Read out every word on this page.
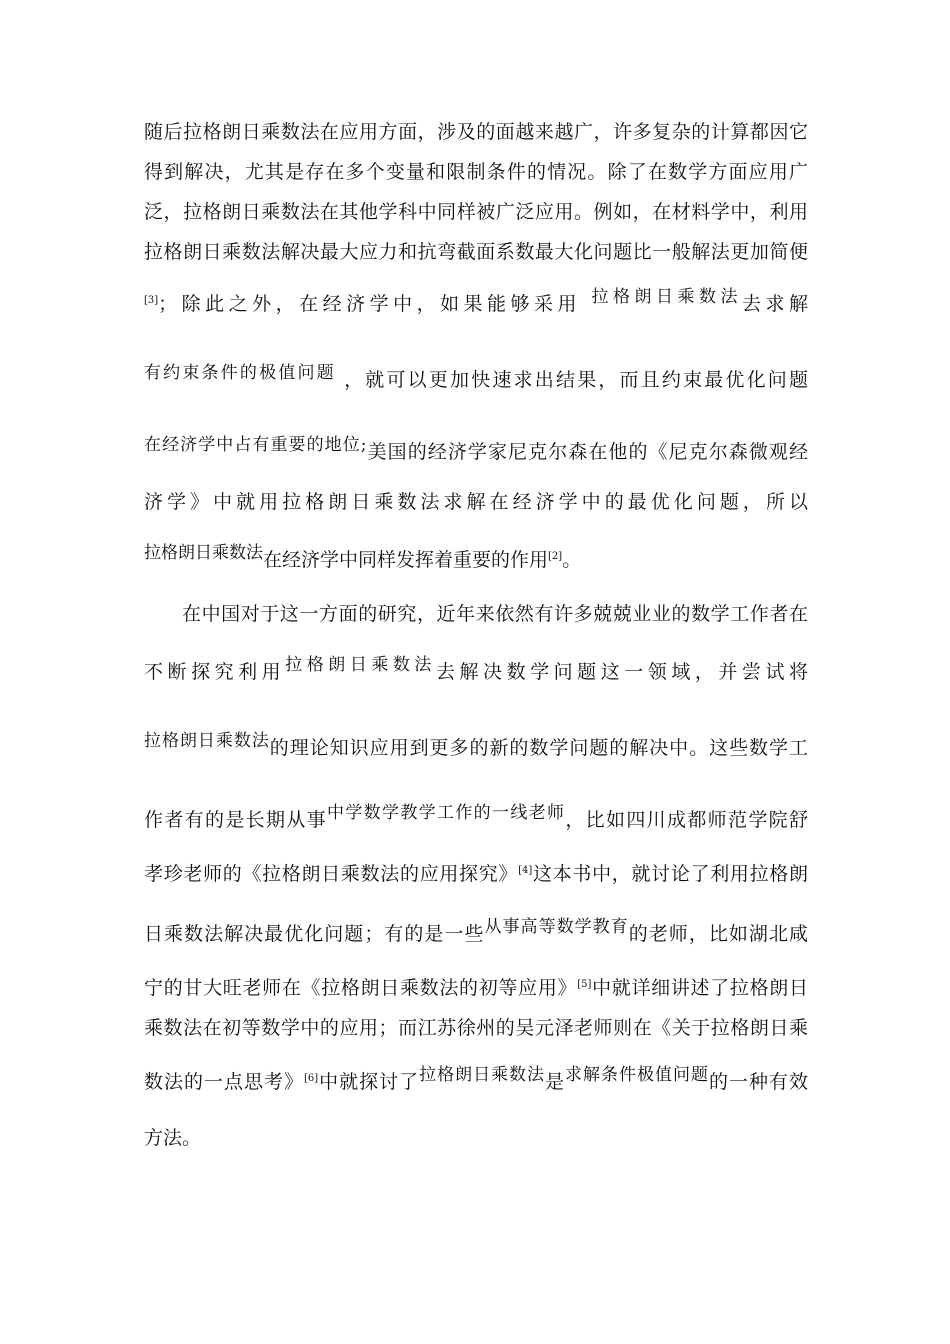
随后拉格朗日乘数法在应用方面，涉及的面越来越广，许多复杂的计算都因它
得到解决，尤其是存在多个变量和限制条件的情况。除了在数学方面应用广
泛，拉格朗日乘数法在其他学科中同样被广泛应用。例如，在材料学中，利用
拉格朗日乘数法解决最大应力和抗弯截面系数最大化问题比一般解法更加简便
[3]；除此之外，在经济学中，如果能够采用 拉格朗日乘数法去求解
有约束条件的极值问题 ，就可以更加快速求出结果，而且约束最优化问题
在经济学中占有重要的地位;美国的经济学家尼克尔森在他的《尼克尔森微观经
济学》中就用拉格朗日乘数法求解在经济学中的最优化问题，所以
拉格朗日乘数法在经济学中同样发挥着重要的作用[2]。
在中国对于这一方面的研究，近年来依然有许多兢兢业业的数学工作者在
不断探究利用拉格朗日乘数法去解决数学问题这一领域，并尝试将
拉格朗日乘数法的理论知识应用到更多的新的数学问题的解决中。这些数学工
作者有的是长期从事中学数学教学工作的一线老师，比如四川成都师范学院舒
孝珍老师的《拉格朗日乘数法的应用探究》[4]这本书中，就讨论了利用拉格朗
日乘数法解决最优化问题；有的是一些从事高等数学教育的老师，比如湖北咸
宁的甘大旺老师在《拉格朗日乘数法的初等应用》[5]中就详细讲述了拉格朗日
乘数法在初等数学中的应用；而江苏徐州的吴元泽老师则在《关于拉格朗日乘
数法的一点思考》[6]中就探讨了拉格朗日乘数法是求解条件极值问题的一种有效
方法。
